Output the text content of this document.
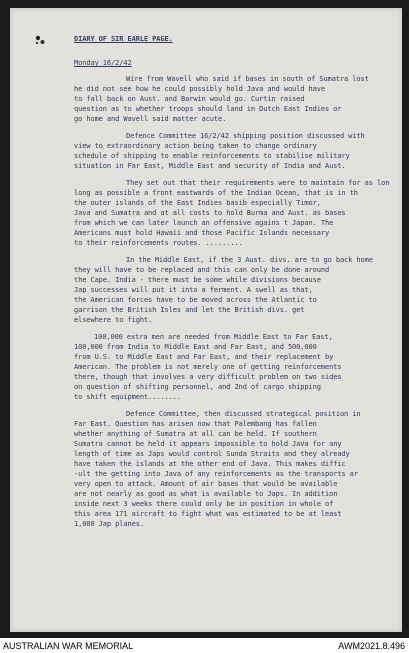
DIARY OF SIR EARLE PAGE.
Monday 16/2/42
Wire from Wavell who said if bases in south of Sumatra lost
he did not see how he could possibly hold Java and would have
to fall back on Aust. and Barwin would go. Curtin raised
question as to whether troops should land in Dutch East Indies or
go home and Wavell said matter acute.
Defence Committee 16/2/42 shipping position discussed with
view to extraordinary action being taken to change ordinary
schedule of shipping to enable reinforcements to stabilise military
situation in Far East, Middle East and security of India and Aust.
They set out that their requirements were to maintain for as lon
long as possible a front eastwards of the Indian Ocean, that is in th
the outer islands of the East Indies basib especially Timor,
Java and Sumatra and at all costs to hold Burma and Aust. as bases
from which we can later launch an offensive agains t Japan. The
Americans must hold Hawaii and those Pacific Islands necessary
to their reinforcements routes. .........
In the Middle East, if the 3 Aust. divs. are to go back home
they will have to be replaced and this can only be done around
the Cape. India - there must be some while divisions because
Jap successes will put it into a ferment. A swell as that,
the American forces have to be moved across the Atlantic to
garrison the British Isles and let the British divs. get
elsewhere to fight.
100,000 extra men are needed from Middle East to Far East,
100,000 from India to Middle East and Far East, and 500,000
from U.S. to Middle East and Far East, and their replacement by
American. The problem is not merely one of getting reinforcements
there, though that involves a very difficult problem on two sides
on question of shifting personnel, and 2nd of cargo shipping
to shift equipment........
Defence Committee, then discussed strategical position in
Far East. Question has arisen now that Palembang has fallen
whether anything of Sumatra at all can be held. If southern
Sumatra cannot be held it appears impossible to hold Java for any
length of time as Japs would control Sunda Straits and they already
have taken the islands at the other end of Java. This makes diffic
-ult the getting into Java of any reinforcements as the transports ar
very open to attack. Amount of air bases that would be available
are not nearly as good as what is available to Japs. In addition
inside next 3 weeks there could only be in position in whole of
this area 171 aircraft to fight what was estimated to be at least
1,000 Jap planes.
AUSTRALIAN WAR MEMORIAL	AWM2021.8.496
